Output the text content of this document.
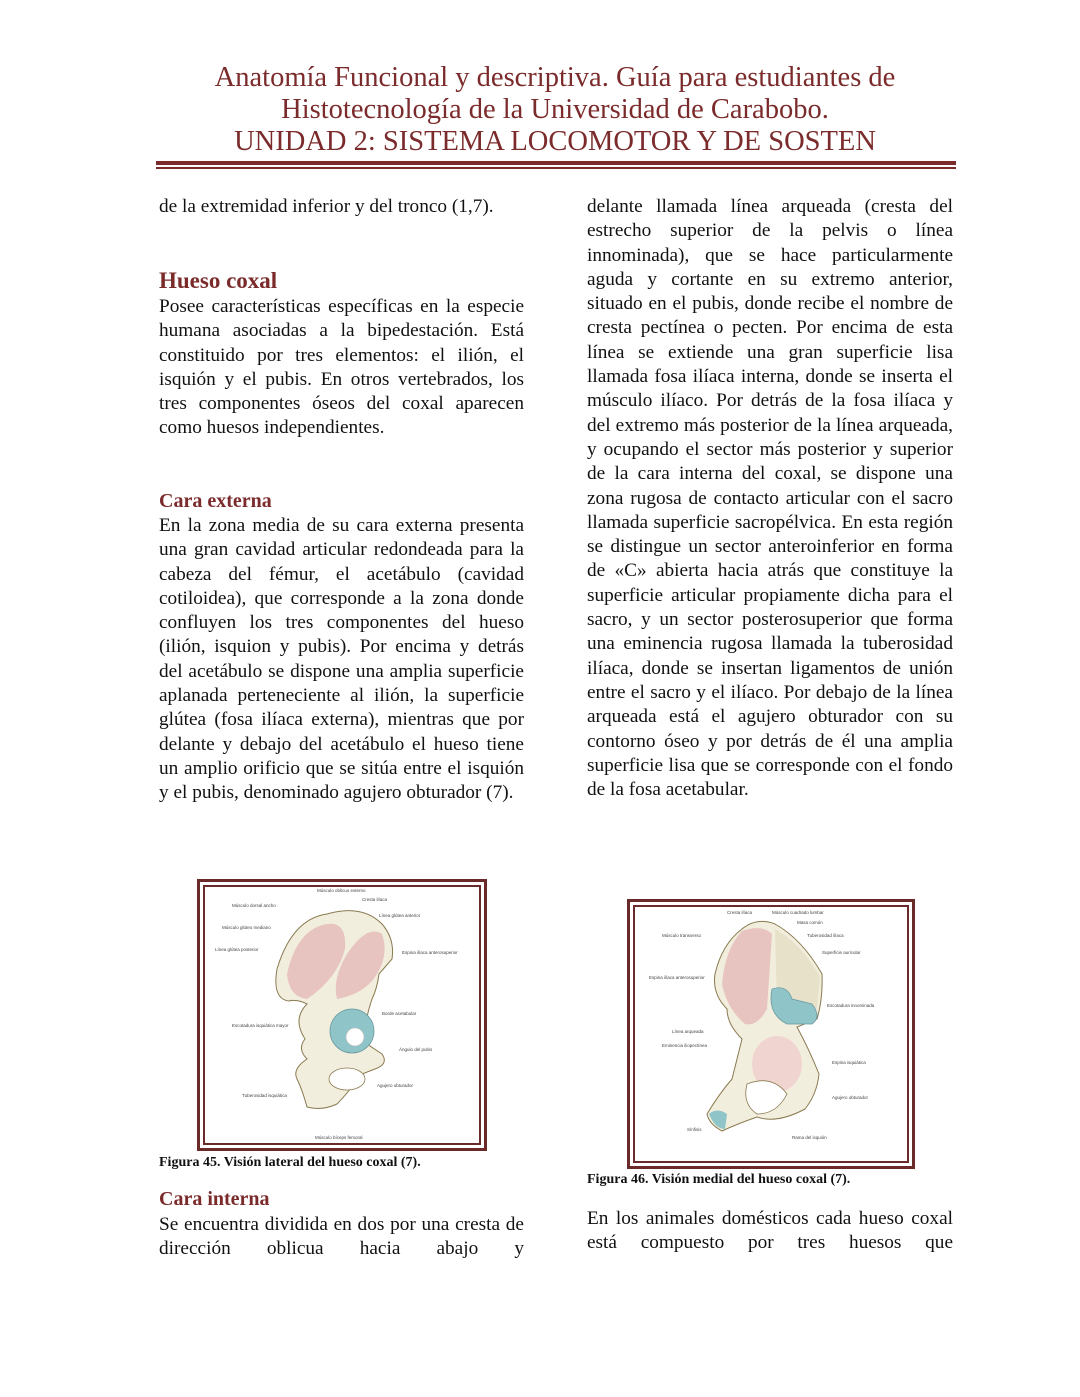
Anatomía Funcional y descriptiva. Guía para estudiantes de
Histotecnología de la Universidad de Carabobo.
UNIDAD 2: SISTEMA LOCOMOTOR Y DE SOSTEN

de la extremidad inferior y del tronco (1,7).

Hueso coxal

Posee características específicas en la especie humana asociadas a la bipedestación. Está constituido por tres elementos: el ilión, el isquión y el pubis. En otros vertebrados, los tres componentes óseos del coxal aparecen como huesos independientes.

Cara externa

En la zona media de su cara externa presenta una gran cavidad articular redondeada para la cabeza del fémur, el acetábulo (cavidad cotiloidea), que corresponde a la zona donde confluyen los tres componentes del hueso (ilión, isquion y pubis). Por encima y detrás del acetábulo se dispone una amplia superficie aplanada perteneciente al ilión, la superficie glútea (fosa ilíaca externa), mientras que por delante y debajo del acetábulo el hueso tiene un amplio orificio que se sitúa entre el isquión y el pubis, denominado agujero obturador (7).

Músculo oblicuo externo
Cresta ilíaca
Músculo dorsal ancho
Músculo glúteo mediano
Línea glútea anterior
Espina ilíaca anterosuperior
Línea glútea posterior
Escotadura isquiática mayor
Borde acetabular
Ángulo del pubis
Agujero obturador
Tuberosidad isquiática
Músculo bíceps femoral
Figura 45. Visión lateral del hueso coxal (7).
Cara interna

Se encuentra dividida en dos por una cresta de dirección oblicua hacia abajo y

delante llamada línea arqueada (cresta del estrecho superior de la pelvis o línea innominada), que se hace particularmente aguda y cortante en su extremo anterior, situado en el pubis, donde recibe el nombre de cresta pectínea o pecten. Por encima de esta línea se extiende una gran superficie lisa llamada fosa ilíaca interna, donde se inserta el músculo ilíaco. Por detrás de la fosa ilíaca y del extremo más posterior de la línea arqueada, y ocupando el sector más posterior y superior de la cara interna del coxal, se dispone una zona rugosa de contacto articular con el sacro llamada superficie sacropélvica. En esta región se distingue un sector anteroinferior en forma de «C» abierta hacia atrás que constituye la superficie articular propiamente dicha para el sacro, y un sector posterosuperior que forma una eminencia rugosa llamada la tuberosidad ilíaca, donde se insertan ligamentos de unión entre el sacro y el ilíaco. Por debajo de la línea arqueada está el agujero obturador con su contorno óseo y por detrás de él una amplia superficie lisa que se corresponde con el fondo de la fosa acetabular.

Cresta ilíaca	Músculo cuadrado lumbar
Masa común
Tuberosidad ilíaca
Músculo transverso
Superficie auricular
Espina ilíaca anterosuperior
Escotadura innominada
Línea arqueada
Eminencia iliopectínea
Espina isquiática
Agujero obturador
Sínfisis
Rama del isquión
Figura 46. Visión medial del hueso coxal (7).

En los animales domésticos cada hueso coxal está compuesto por tres huesos que
